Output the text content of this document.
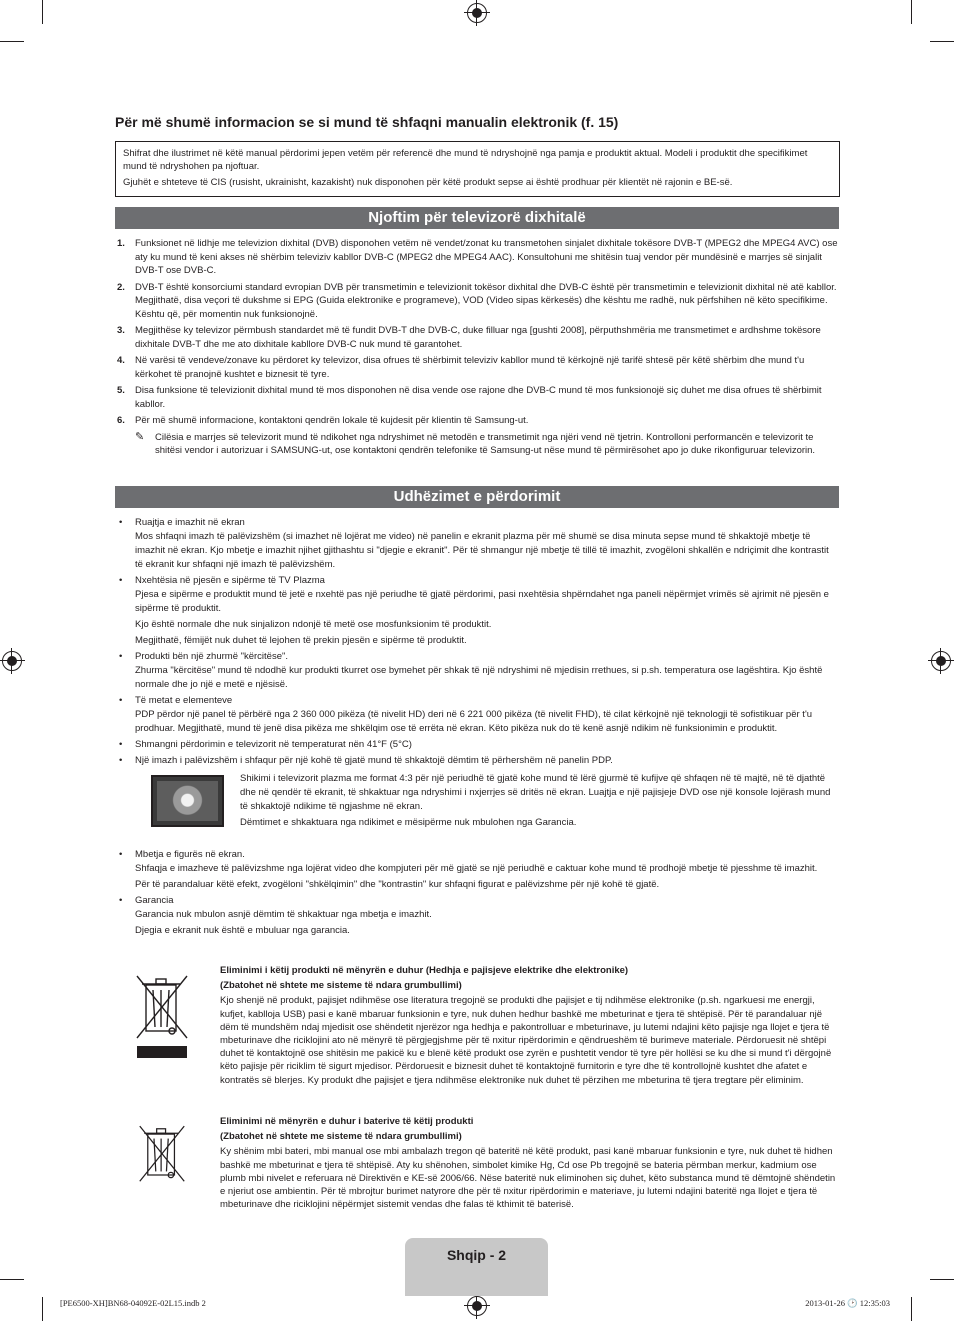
Për më shumë informacion se si mund të shfaqni manualin elektronik (f. 15)

Shifrat dhe ilustrimet në këtë manual përdorimi jepen vetëm për referencë dhe mund të ndryshojnë nga pamja e produktit aktual. Modeli i produktit dhe specifikimet mund të ndryshohen pa njoftuar.

Gjuhët e shteteve të CIS (rusisht, ukrainisht, kazakisht) nuk disponohen për këtë produkt sepse ai është prodhuar për klientët në rajonin e BE-së.

Njoftim për televizorë dixhitalë
1. Funksionet në lidhje me televizion dixhital (DVB) disponohen vetëm në vendet/zonat ku transmetohen sinjalet dixhitale tokësore DVB-T (MPEG2 dhe MPEG4 AVC) ose aty ku mund të keni akses në shërbim televiziv kabllor DVB-C (MPEG2 dhe MPEG4 AAC). Konsultohuni me shitësin tuaj vendor për mundësinë e marrjes së sinjalit DVB-T ose DVB-C.
2. DVB-T është konsorciumi standard evropian DVB për transmetimin e televizionit tokësor dixhital dhe DVB-C është për transmetimin e televizionit dixhital në atë kabllor. Megjithatë, disa veçori të dukshme si EPG (Guida elektronike e programeve), VOD (Video sipas kërkesës) dhe kështu me radhë, nuk përfshihen në këto specifikime. Kështu që, për momentin nuk funksionojnë.
3. Megjithëse ky televizor përmbush standardet më të fundit DVB-T dhe DVB-C, duke filluar nga [gushti 2008], përputhshmëria me transmetimet e ardhshme tokësore dixhitale DVB-T dhe me ato dixhitale kabllore DVB-C nuk mund të garantohet.
4. Në varësi të vendeve/zonave ku përdoret ky televizor, disa ofrues të shërbimit televiziv kabllor mund të kërkojnë një tarifë shtesë për këtë shërbim dhe mund t'u kërkohet të pranojnë kushtet e biznesit të tyre.
5. Disa funksione të televizionit dixhital mund të mos disponohen në disa vende ose rajone dhe DVB-C mund të mos funksionojë siç duhet me disa ofrues të shërbimit kabllor.
6. Për më shumë informacione, kontaktoni qendrën lokale të kujdesit për klientin të Samsung-ut.
✎ Cilësia e marrjes së televizorit mund të ndikohet nga ndryshimet në metodën e transmetimit nga njëri vend në tjetrin. Kontrolloni performancën e televizorit te shitësi vendor i autorizuar i SAMSUNG-ut, ose kontaktoni qendrën telefonike të Samsung-ut nëse mund të përmirësohet apo jo duke rikonfiguruar televizorin.
Udhëzimet e përdorimit
• Ruajtja e imazhit në ekran

Mos shfaqni imazh të palëvizshëm (si imazhet në lojërat me video) në panelin e ekranit plazma për më shumë se disa minuta sepse mund të shkaktojë mbetje të imazhit në ekran. Kjo mbetje e imazhit njihet gjithashtu si "djegie e ekranit". Për të shmangur një mbetje të tillë të imazhit, zvogëloni shkallën e ndriçimit dhe kontrastit të ekranit kur shfaqni një imazh të palëvizshëm.

• Nxehtësia në pjesën e sipërme të TV Plazma

Pjesa e sipërme e produktit mund të jetë e nxehtë pas një periudhe të gjatë përdorimi, pasi nxehtësia shpërndahet nga paneli nëpërmjet vrimës së ajrimit në pjesën e sipërme të produktit.

Kjo është normale dhe nuk sinjalizon ndonjë të metë ose mosfunksionim të produktit.

Megjithatë, fëmijët nuk duhet të lejohen të prekin pjesën e sipërme të produktit.

• Produkti bën një zhurmë "kërcitëse".

Zhurma "kërcitëse" mund të ndodhë kur produkti tkurret ose bymehet për shkak të një ndryshimi në mjedisin rrethues, si p.sh. temperatura ose lagështira. Kjo është normale dhe jo një e metë e njësisë.

• Të metat e elementeve

PDP përdor një panel të përbërë nga 2 360 000 pikëza (të nivelit HD) deri në 6 221 000 pikëza (të nivelit FHD), të cilat kërkojnë një teknologji të sofistikuar për t'u prodhuar. Megjithatë, mund të jenë disa pikëza me shkëlqim ose të errëta në ekran. Këto pikëza nuk do të kenë asnjë ndikim në funksionimin e produktit.

• Shmangni përdorimin e televizorit në temperaturat nën 41°F (5°C)
• Një imazh i palëvizshëm i shfaqur për një kohë të gjatë mund të shkaktojë dëmtim të përhershëm në panelin PDP.

Shikimi i televizorit plazma me format 4:3 për një periudhë të gjatë kohe mund të lërë gjurmë të kufijve që shfaqen në të majtë, në të djathtë dhe në qendër të ekranit, të shkaktuar nga ndryshimi i nxjerrjes së dritës në ekran. Luajtja e një pajisjeje DVD ose një konsole lojërash mund të shkaktojë ndikime të ngjashme në ekran.

Dëmtimet e shkaktuara nga ndikimet e mësipërme nuk mbulohen nga Garancia.

• Mbetja e figurës në ekran.

Shfaqja e imazheve të palëvizshme nga lojërat video dhe kompjuteri për më gjatë se një periudhë e caktuar kohe mund të prodhojë mbetje të pjesshme të imazhit.

Për të parandaluar këtë efekt, zvogëloni "shkëlqimin" dhe "kontrastin" kur shfaqni figurat e palëvizshme për një kohë të gjatë.

• Garancia

Garancia nuk mbulon asnjë dëmtim të shkaktuar nga mbetja e imazhit.

Djegia e ekranit nuk është e mbuluar nga garancia.

Eliminimi i këtij produkti në mënyrën e duhur (Hedhja e pajisjeve elektrike dhe elektronike)

(Zbatohet në shtete me sisteme të ndara grumbullimi)

Kjo shenjë në produkt, pajisjet ndihmëse ose literatura tregojnë se produkti dhe pajisjet e tij ndihmëse elektronike (p.sh. ngarkuesi me energji, kufjet, kablloja USB) pasi e kanë mbaruar funksionin e tyre, nuk duhen hedhur bashkë me mbeturinat e tjera të shtëpisë. Për të parandaluar një dëm të mundshëm ndaj mjedisit ose shëndetit njerëzor nga hedhja e pakontrolluar e mbeturinave, ju lutemi ndajini këto pajisje nga llojet e tjera të mbeturinave dhe riciklojini ato në mënyrë të përgjegjshme për të nxitur ripërdorimin e qëndrueshëm të burimeve materiale. Përdoruesit në shtëpi duhet të kontaktojnë ose shitësin me pakicë ku e blenë këtë produkt ose zyrën e pushtetit vendor të tyre për hollësi se ku dhe si mund t'i dërgojnë këto pajisje për riciklim të sigurt mjedisor. Përdoruesit e biznesit duhet të kontaktojnë furnitorin e tyre dhe të kontrollojnë kushtet dhe afatet e kontratës së blerjes. Ky produkt dhe pajisjet e tjera ndihmëse elektronike nuk duhet të përzihen me mbeturina të tjera tregtare për eliminim.

Eliminimi në mënyrën e duhur i baterive të këtij produkti

(Zbatohet në shtete me sisteme të ndara grumbullimi)

Ky shënim mbi bateri, mbi manual ose mbi ambalazh tregon që bateritë në këtë produkt, pasi kanë mbaruar funksionin e tyre, nuk duhet të hidhen bashkë me mbeturinat e tjera të shtëpisë. Aty ku shënohen, simbolet kimike Hg, Cd ose Pb tregojnë se bateria përmban merkur, kadmium ose plumb mbi nivelet e referuara në Direktivën e KE-së 2006/66. Nëse bateritë nuk eliminohen siç duhet, këto substanca mund të dëmtojnë shëndetin e njeriut ose ambientin. Për të mbrojtur burimet natyrore dhe për të nxitur ripërdorimin e materiave, ju lutemi ndajini bateritë nga llojet e tjera të mbeturinave dhe riciklojini nëpërmjet sistemit vendas dhe falas të kthimit të baterisë.

Shqip - 2
[PE6500-XH]BN68-04092E-02L15.indb 2	2013-01-26 🕑 12:35:03
